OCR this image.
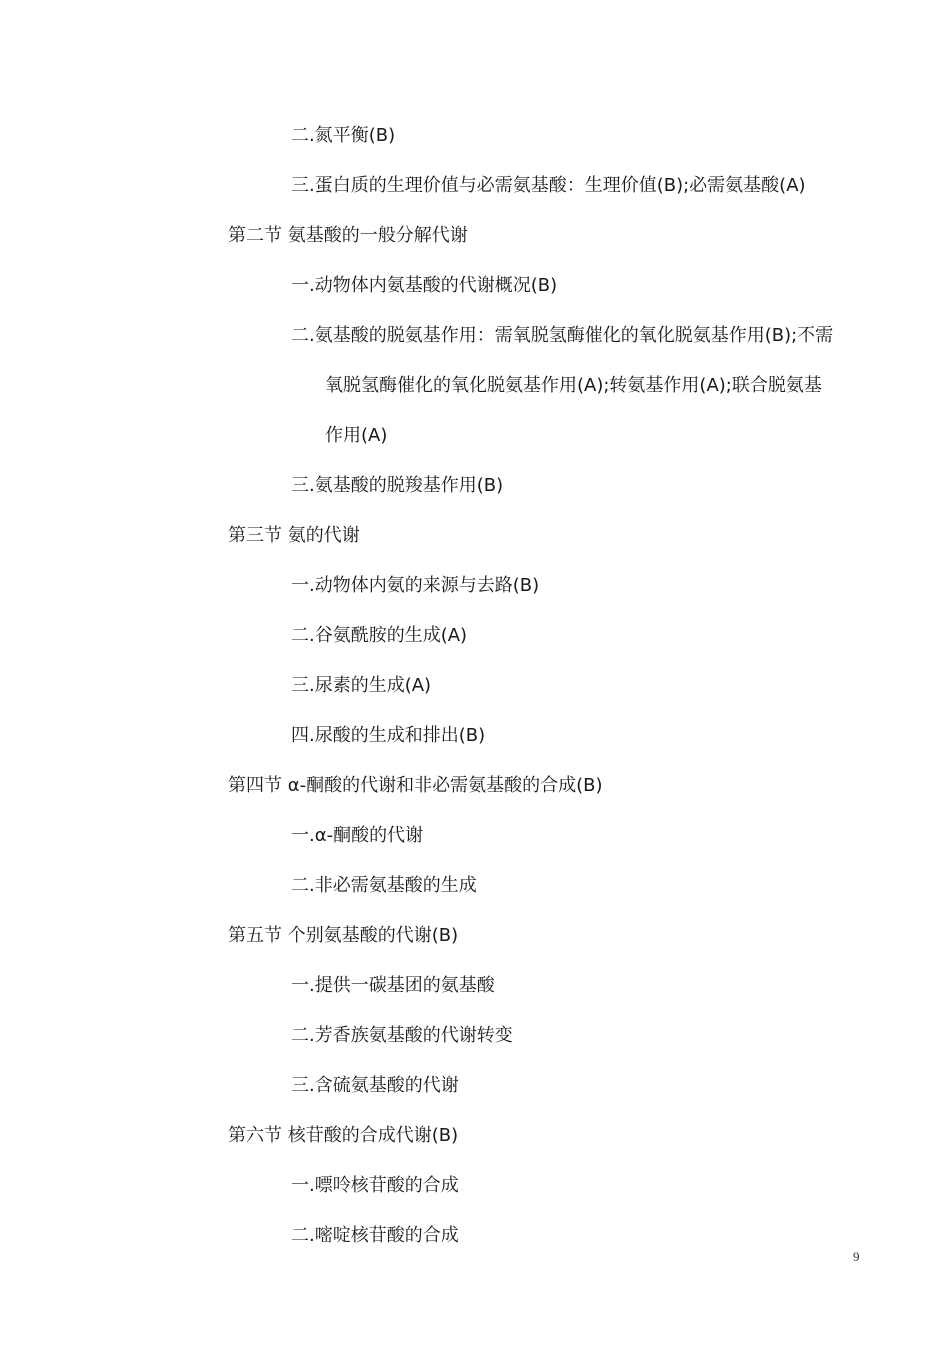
二.氮平衡(B)
三.蛋白质的生理价值与必需氨基酸：生理价值(B);必需氨基酸(A)
第二节 氨基酸的一般分解代谢
一.动物体内氨基酸的代谢概况(B)
二.氨基酸的脱氨基作用：需氧脱氢酶催化的氧化脱氨基作用(B);不需
氧脱氢酶催化的氧化脱氨基作用(A);转氨基作用(A);联合脱氨基
作用(A)
三.氨基酸的脱羧基作用(B)
第三节 氨的代谢
一.动物体内氨的来源与去路(B)
二.谷氨酰胺的生成(A)
三.尿素的生成(A)
四.尿酸的生成和排出(B)
第四节 α-酮酸的代谢和非必需氨基酸的合成(B)
一.α-酮酸的代谢
二.非必需氨基酸的生成
第五节 个别氨基酸的代谢(B)
一.提供一碳基团的氨基酸
二.芳香族氨基酸的代谢转变
三.含硫氨基酸的代谢
第六节 核苷酸的合成代谢(B)
一.嘌呤核苷酸的合成
二.嘧啶核苷酸的合成
9
